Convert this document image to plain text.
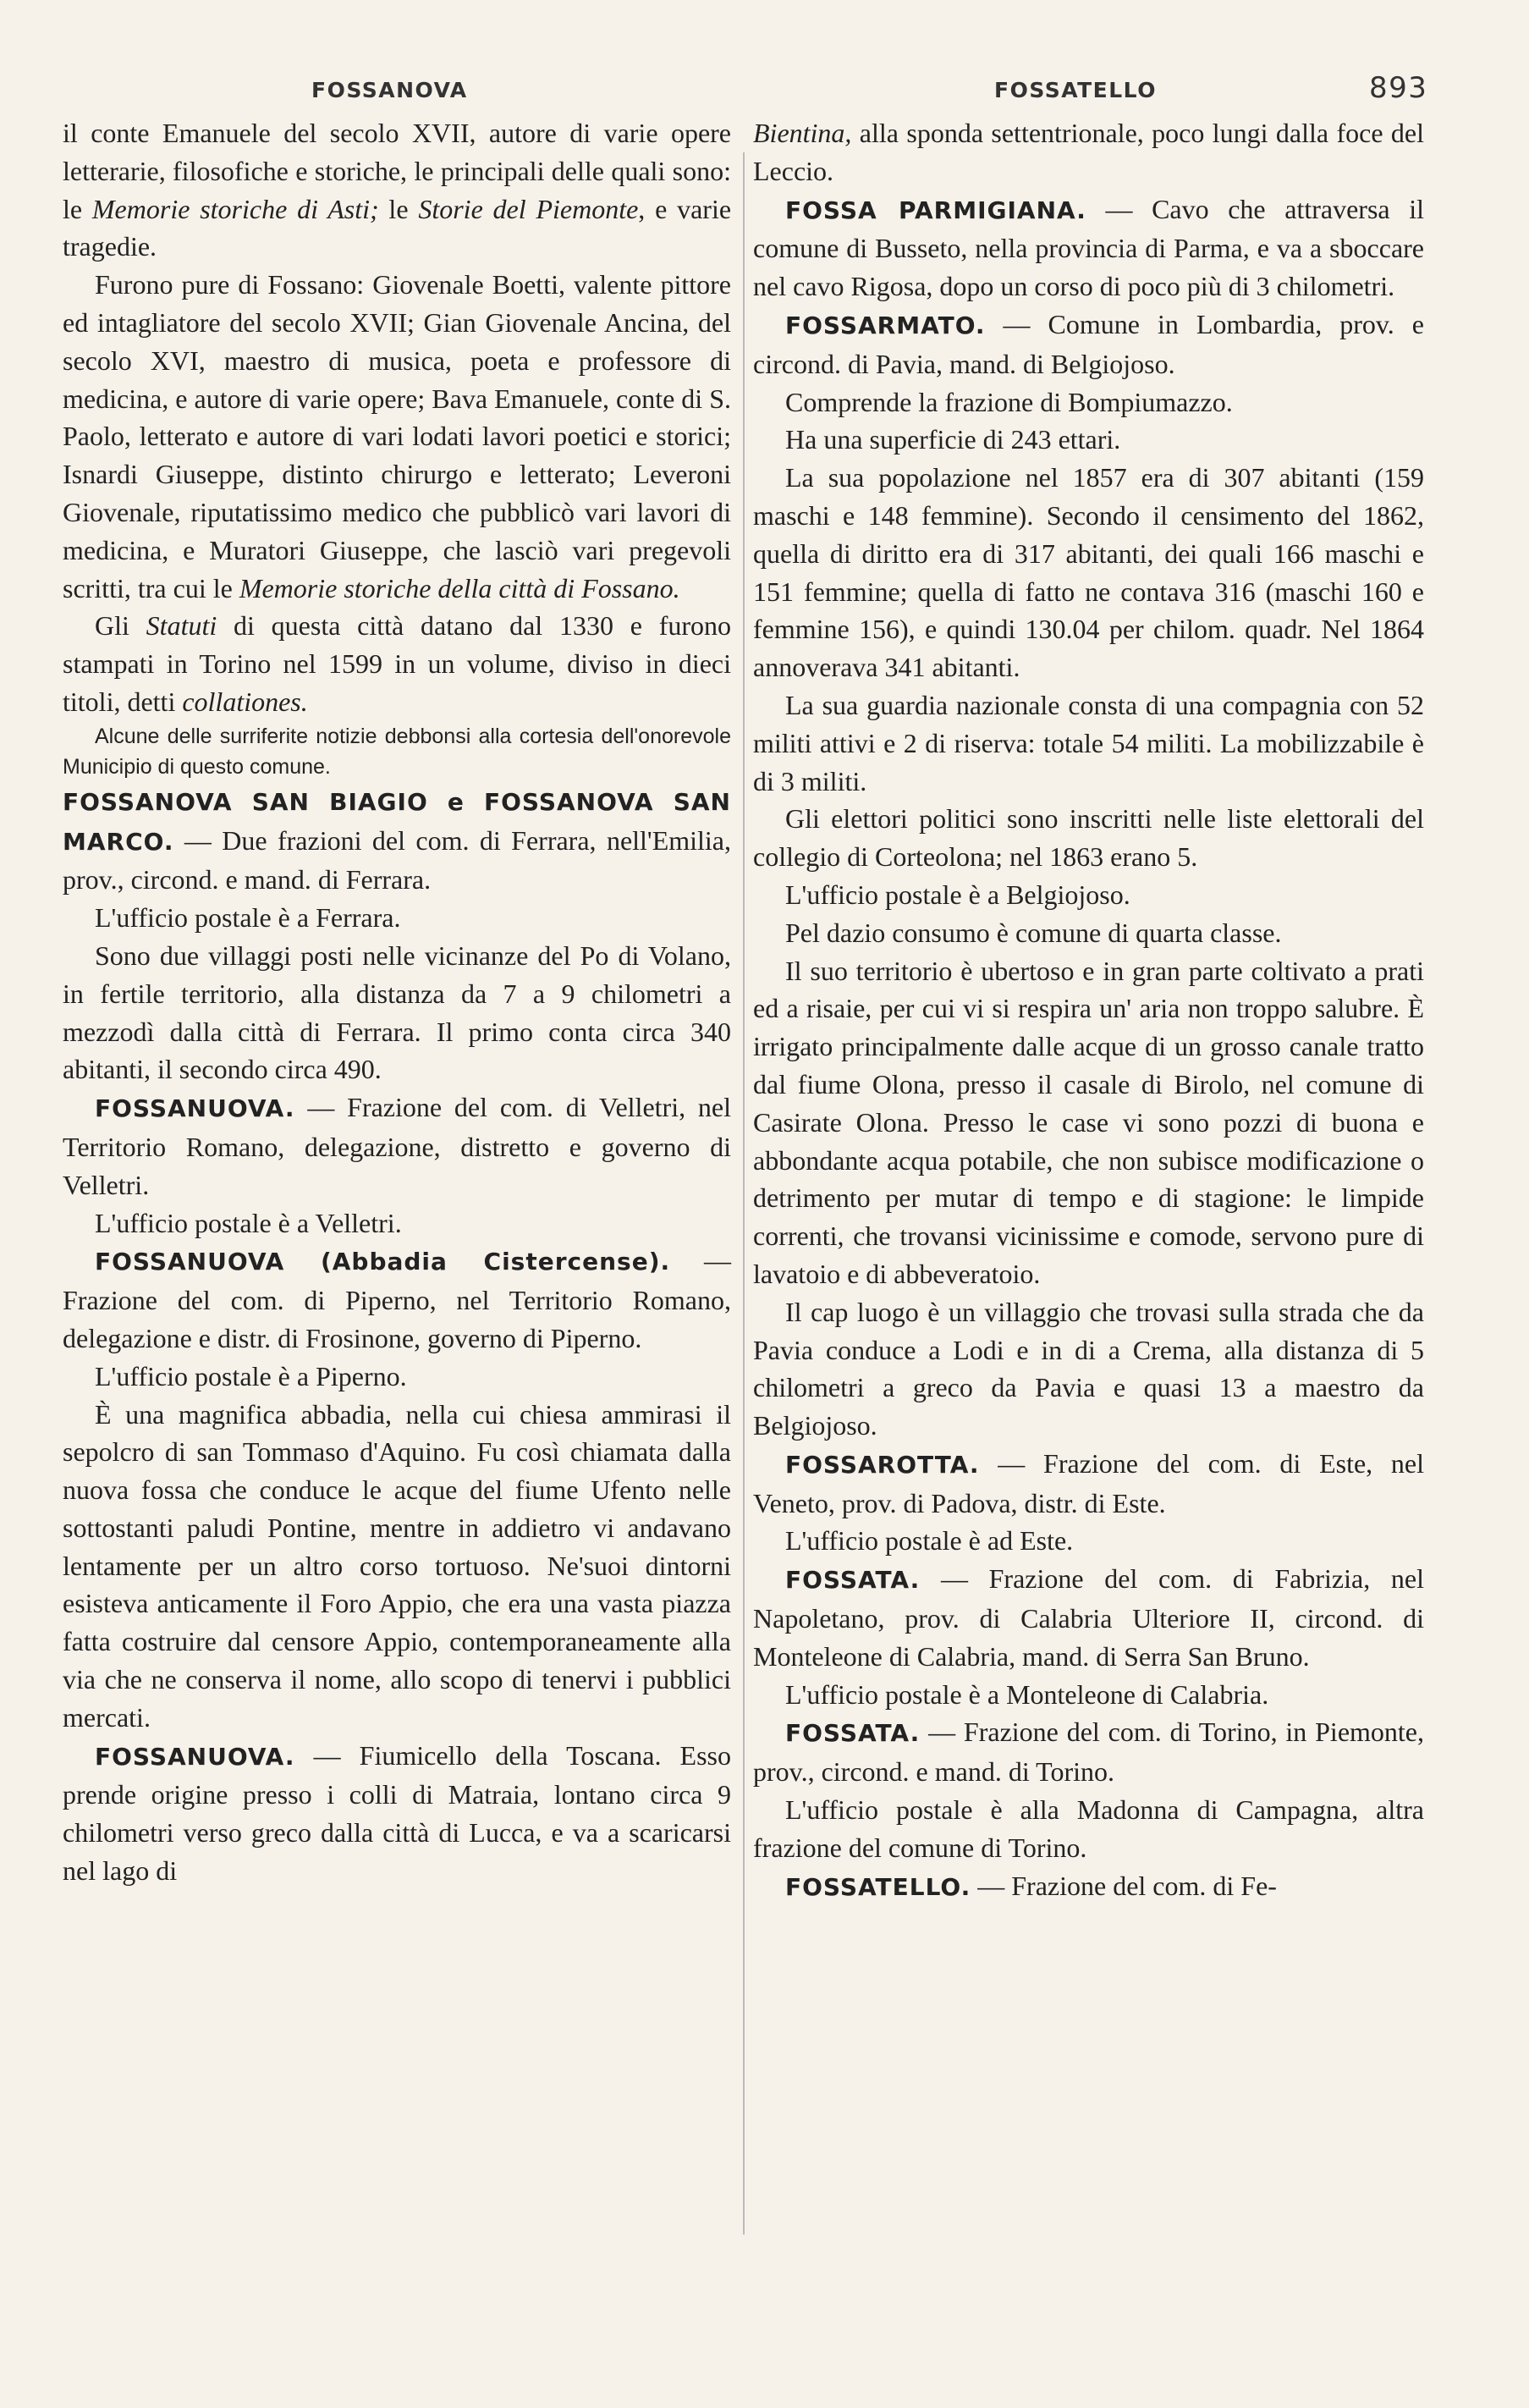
FOSSANOVA	FOSSATELLO	893

il conte Emanuele del secolo XVII, autore di varie opere letterarie, filosofiche e storiche, le principali delle quali sono: le Memorie storiche di Asti; le Storie del Piemonte, e varie tragedie.

Furono pure di Fossano: Giovenale Boetti, valente pittore ed intagliatore del secolo XVII; Gian Giovenale Ancina, del secolo XVI, maestro di musica, poeta e professore di medicina, e autore di varie opere; Bava Emanuele, conte di S. Paolo, letterato e autore di vari lodati lavori poetici e storici; Isnardi Giuseppe, distinto chirurgo e letterato; Leveroni Giovenale, riputatissimo medico che pubblicò vari lavori di medicina, e Muratori Giuseppe, che lasciò vari pregevoli scritti, tra cui le Memorie storiche della città di Fossano.

Gli Statuti di questa città datano dal 1330 e furono stampati in Torino nel 1599 in un volume, diviso in dieci titoli, detti collationes.

Alcune delle surriferite notizie debbonsi alla cortesia dell'onorevole Municipio di questo comune.

FOSSANOVA SAN BIAGIO e FOSSANOVA SAN MARCO. — Due frazioni del com. di Ferrara, nell'Emilia, prov., circond. e mand. di Ferrara.

L'ufficio postale è a Ferrara.

Sono due villaggi posti nelle vicinanze del Po di Volano, in fertile territorio, alla distanza da 7 a 9 chilometri a mezzodì dalla città di Ferrara. Il primo conta circa 340 abitanti, il secondo circa 490.

FOSSANUOVA. — Frazione del com. di Velletri, nel Territorio Romano, delegazione, distretto e governo di Velletri.

L'ufficio postale è a Velletri.

FOSSANUOVA (Abbadia Cistercense). — Frazione del com. di Piperno, nel Territorio Romano, delegazione e distr. di Frosinone, governo di Piperno.

L'ufficio postale è a Piperno.

È una magnifica abbadia, nella cui chiesa ammirasi il sepolcro di san Tommaso d'Aquino. Fu così chiamata dalla nuova fossa che conduce le acque del fiume Ufento nelle sottostanti paludi Pontine, mentre in addietro vi andavano lentamente per un altro corso tortuoso. Ne'suoi dintorni esisteva anticamente il Foro Appio, che era una vasta piazza fatta costruire dal censore Appio, contemporaneamente alla via che ne conserva il nome, allo scopo di tenervi i pubblici mercati.

FOSSANUOVA. — Fiumicello della Toscana. Esso prende origine presso i colli di Matraia, lontano circa 9 chilometri verso greco dalla città di Lucca, e va a scaricarsi nel lago di

Bientina, alla sponda settentrionale, poco lungi dalla foce del Leccio.

FOSSA PARMIGIANA. — Cavo che attraversa il comune di Busseto, nella provincia di Parma, e va a sboccare nel cavo Rigosa, dopo un corso di poco più di 3 chilometri.

FOSSARMATO. — Comune in Lombardia, prov. e circond. di Pavia, mand. di Belgiojoso.

Comprende la frazione di Bompiumazzo.

Ha una superficie di 243 ettari.

La sua popolazione nel 1857 era di 307 abitanti (159 maschi e 148 femmine). Secondo il censimento del 1862, quella di diritto era di 317 abitanti, dei quali 166 maschi e 151 femmine; quella di fatto ne contava 316 (maschi 160 e femmine 156), e quindi 130.04 per chilom. quadr. Nel 1864 annoverava 341 abitanti.

La sua guardia nazionale consta di una compagnia con 52 militi attivi e 2 di riserva: totale 54 militi. La mobilizzabile è di 3 militi.

Gli elettori politici sono inscritti nelle liste elettorali del collegio di Corteolona; nel 1863 erano 5.

L'ufficio postale è a Belgiojoso.

Pel dazio consumo è comune di quarta classe.

Il suo territorio è ubertoso e in gran parte coltivato a prati ed a risaie, per cui vi si respira un' aria non troppo salubre. È irrigato principalmente dalle acque di un grosso canale tratto dal fiume Olona, presso il casale di Birolo, nel comune di Casirate Olona. Presso le case vi sono pozzi di buona e abbondante acqua potabile, che non subisce modificazione o detrimento per mutar di tempo e di stagione: le limpide correnti, che trovansi vicinissime e comode, servono pure di lavatoio e di abbeveratoio.

Il cap luogo è un villaggio che trovasi sulla strada che da Pavia conduce a Lodi e in di a Crema, alla distanza di 5 chilometri a greco da Pavia e quasi 13 a maestro da Belgiojoso.

FOSSAROTTA. — Frazione del com. di Este, nel Veneto, prov. di Padova, distr. di Este.

L'ufficio postale è ad Este.

FOSSATA. — Frazione del com. di Fabrizia, nel Napoletano, prov. di Calabria Ulteriore II, circond. di Monteleone di Calabria, mand. di Serra San Bruno.

L'ufficio postale è a Monteleone di Calabria.

FOSSATA. — Frazione del com. di Torino, in Piemonte, prov., circond. e mand. di Torino.

L'ufficio postale è alla Madonna di Campagna, altra frazione del comune di Torino.

FOSSATELLO. — Frazione del com. di Fe-
